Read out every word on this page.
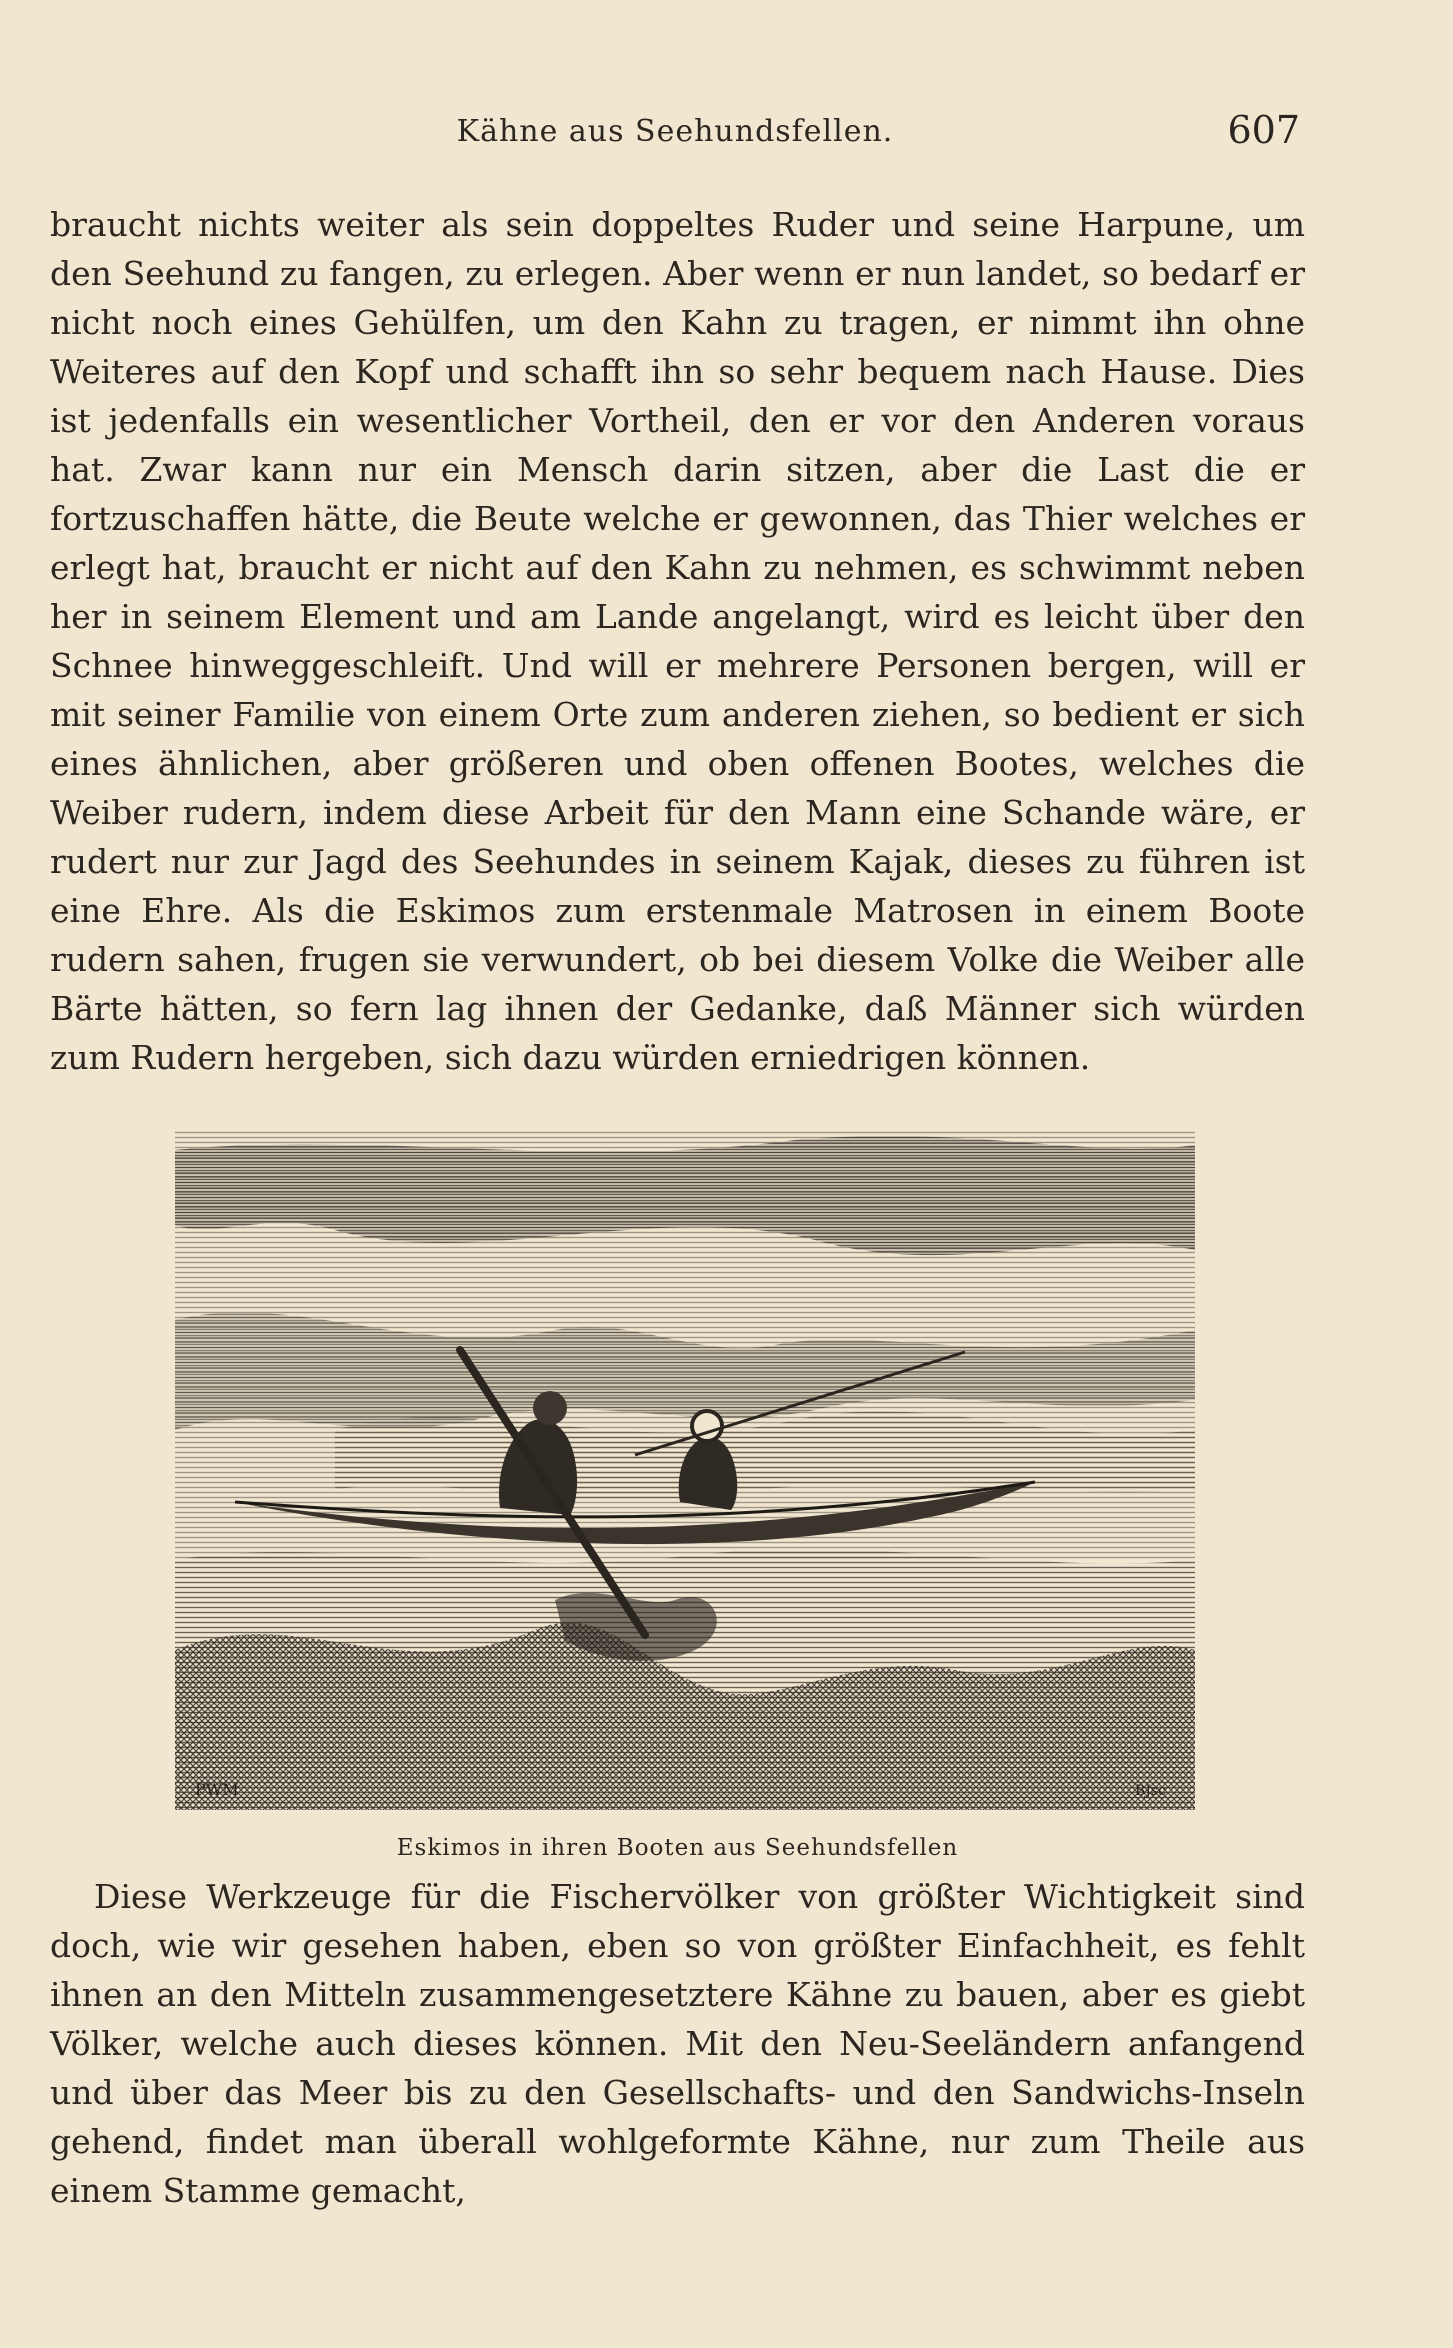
Kähne aus Seehundsfellen.	607

braucht nichts weiter als sein doppeltes Ruder und seine Harpune, um den Seehund zu fangen, zu erlegen. Aber wenn er nun landet, so bedarf er nicht noch eines Gehülfen, um den Kahn zu tragen, er nimmt ihn ohne Weiteres auf den Kopf und schafft ihn so sehr bequem nach Hause. Dies ist jedenfalls ein wesentlicher Vortheil, den er vor den Anderen voraus hat. Zwar kann nur ein Mensch darin sitzen, aber die Last die er fortzuschaffen hätte, die Beute welche er gewonnen, das Thier welches er erlegt hat, braucht er nicht auf den Kahn zu nehmen, es schwimmt neben her in seinem Element und am Lande angelangt, wird es leicht über den Schnee hinweggeschleift. Und will er mehrere Personen bergen, will er mit seiner Familie von einem Orte zum anderen ziehen, so bedient er sich eines ähnlichen, aber größeren und oben offenen Bootes, welches die Weiber rudern, indem diese Arbeit für den Mann eine Schande wäre, er rudert nur zur Jagd des Seehundes in seinem Kajak, dieses zu führen ist eine Ehre. Als die Eskimos zum erstenmale Matrosen in einem Boote rudern sahen, frugen sie verwundert, ob bei diesem Volke die Weiber alle Bärte hätten, so fern lag ihnen der Gedanke, daß Männer sich würden zum Rudern hergeben, sich dazu würden erniedrigen können.

PWM	BJsc
Eskimos in ihren Booten aus Seehundsfellen

Diese Werkzeuge für die Fischervölker von größter Wichtigkeit sind doch, wie wir gesehen haben, eben so von größter Einfachheit, es fehlt ihnen an den Mitteln zusammengesetztere Kähne zu bauen, aber es giebt Völker, welche auch dieses können. Mit den Neu-Seeländern anfangend und über das Meer bis zu den Gesellschafts- und den Sandwichs-Inseln gehend, findet man überall wohlgeformte Kähne, nur zum Theile aus einem Stamme gemacht,
